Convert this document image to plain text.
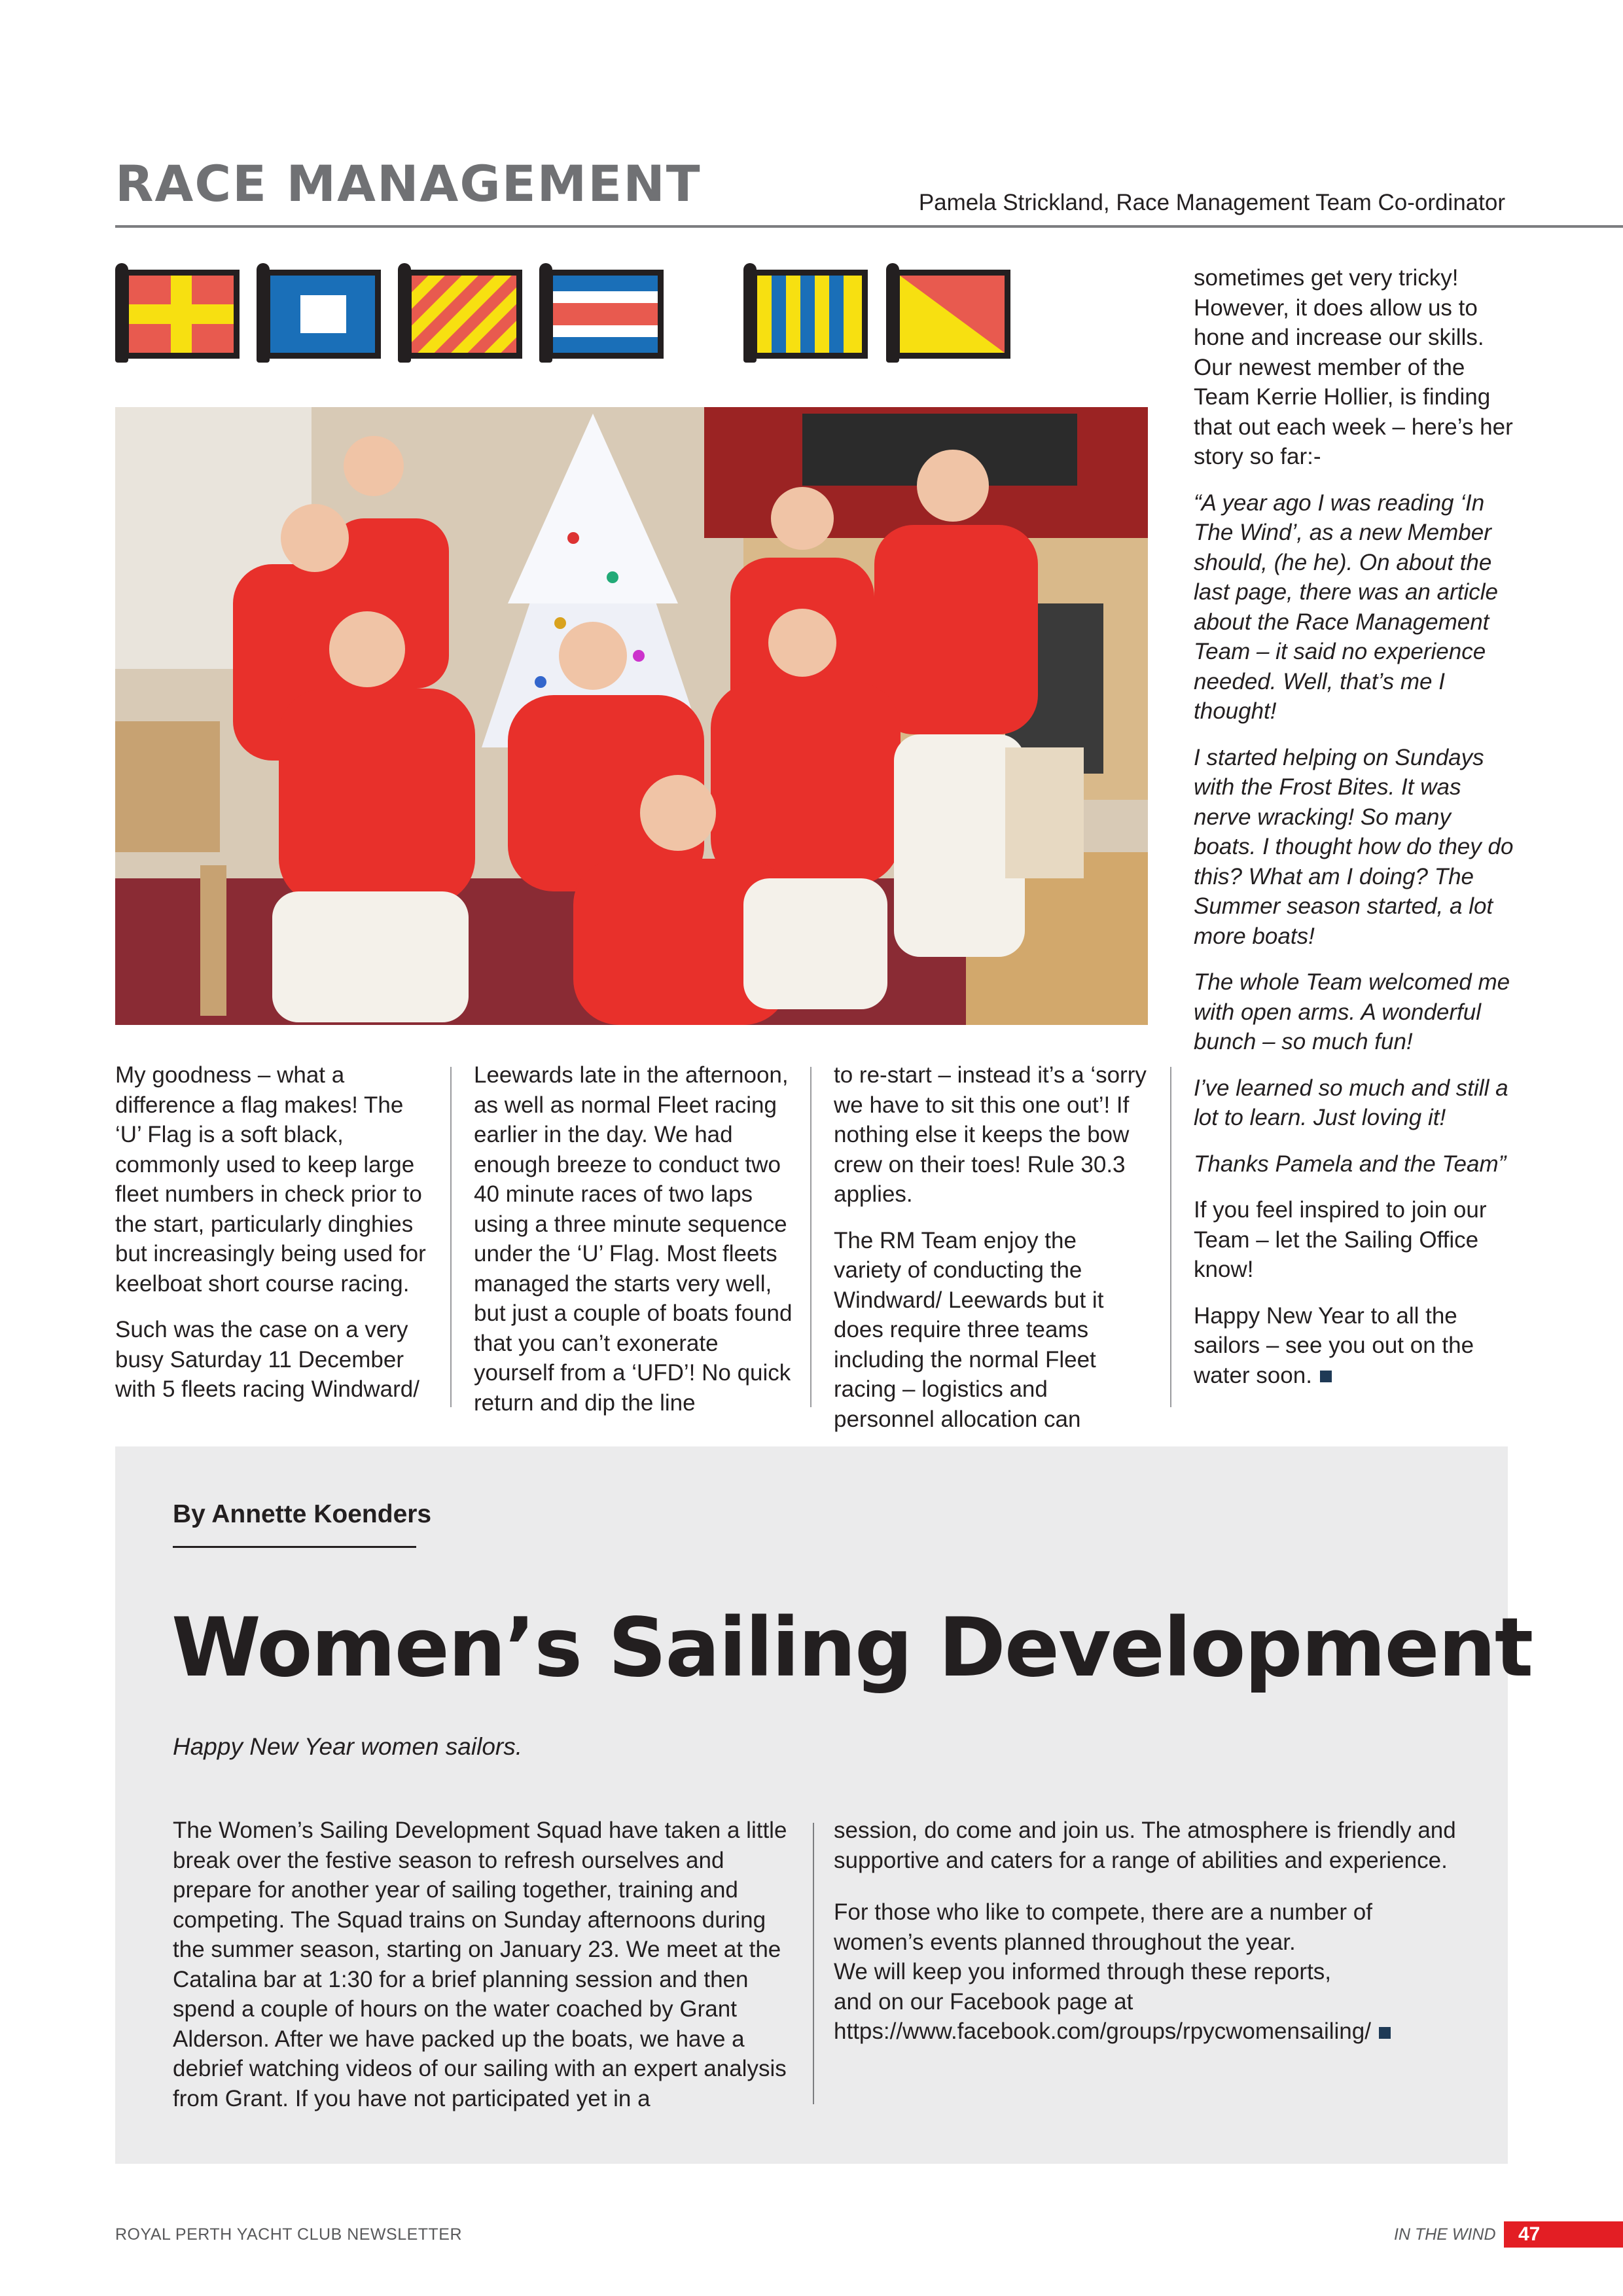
RACE MANAGEMENT	Pamela Strickland, Race Management Team Co-ordinator

My goodness – what a difference a flag makes! The ‘U’ Flag is a soft black, commonly used to keep large fleet numbers in check prior to the start, particularly dinghies but increasingly being used for keelboat short course racing.

Such was the case on a very busy Saturday 11 December with 5 fleets racing Windward/

Leewards late in the afternoon, as well as normal Fleet racing earlier in the day. We had enough breeze to conduct two 40 minute races of two laps using a three minute sequence under the ‘U’ Flag. Most fleets managed the starts very well, but just a couple of boats found that you can’t exonerate yourself from a ‘UFD’! No quick return and dip the line

to re-start – instead it’s a ‘sorry we have to sit this one out’! If nothing else it keeps the bow crew on their toes! Rule 30.3 applies.

The RM Team enjoy the variety of conducting the Windward/ Leewards but it does require three teams including the normal Fleet racing – logistics and personnel allocation can

sometimes get very tricky! However, it does allow us to hone and increase our skills. Our newest member of the Team Kerrie Hollier, is finding that out each week – here’s her story so far:-

“A year ago I was reading ‘In The Wind’, as a new Member should, (he he). On about the last page, there was an article about the Race Management Team – it said no experience needed. Well, that’s me I thought!

I started helping on Sundays with the Frost Bites. It was nerve wracking! So many boats. I thought how do they do this? What am I doing? The Summer season started, a lot more boats!

The whole Team welcomed me with open arms. A wonderful bunch – so much fun!

I’ve learned so much and still a lot to learn. Just loving it!

Thanks Pamela and the Team”

If you feel inspired to join our Team – let the Sailing Office know!

Happy New Year to all the sailors – see you out on the water soon.

By Annette Koenders
Women’s Sailing Development
Happy New Year women sailors.

The Women’s Sailing Development Squad have taken a little break over the festive season to refresh ourselves and prepare for another year of sailing together, training and competing. The Squad trains on Sunday afternoons during the summer season, starting on January 23. We meet at the Catalina bar at 1:30 for a brief planning session and then spend a couple of hours on the water coached by Grant Alderson. After we have packed up the boats, we have a debrief watching videos of our sailing with an expert analysis from Grant. If you have not participated yet in a

session, do come and join us. The atmosphere is friendly and supportive and caters for a range of abilities and experience.

For those who like to compete, there are a number of women’s events planned throughout the year.
We will keep you informed through these reports,
and on our Facebook page at
https://www.facebook.com/groups/rpycwomensailing/

ROYAL PERTH YACHT CLUB NEWSLETTER	IN THE WIND 47
